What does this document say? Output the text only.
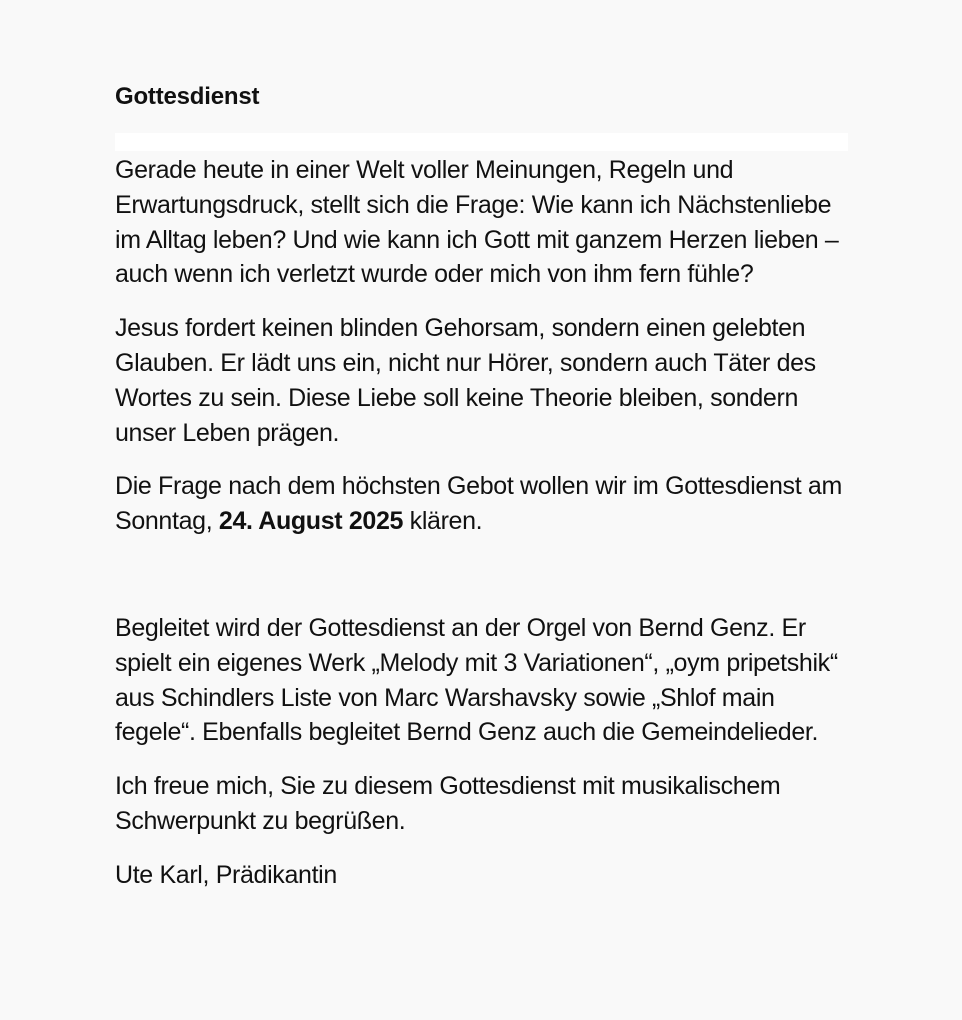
Gottesdienst

Gerade heute in einer Welt voller Meinungen, Regeln und Erwartungsdruck, stellt sich die Frage: Wie kann ich Nächstenliebe im Alltag leben? Und wie kann ich Gott mit ganzem Herzen lieben – auch wenn ich verletzt wurde oder mich von ihm fern fühle?

Jesus fordert keinen blinden Gehorsam, sondern einen gelebten Glauben. Er lädt uns ein, nicht nur Hörer, sondern auch Täter des Wortes zu sein. Diese Liebe soll keine Theorie bleiben, sondern unser Leben prägen.

Die Frage nach dem höchsten Gebot wollen wir im Gottesdienst am Sonntag, 24. August 2025 klären.

Begleitet wird der Gottesdienst an der Orgel von Bernd Genz. Er spielt ein eigenes Werk „Melody mit 3 Variationen“, „oym pripetshik“ aus Schindlers Liste von Marc Warshavsky sowie „Shlof main fegele“. Ebenfalls begleitet Bernd Genz auch die Gemeindelieder.

Ich freue mich, Sie zu diesem Gottesdienst mit musikalischem Schwerpunkt zu begrüßen.

Ute Karl, Prädikantin
